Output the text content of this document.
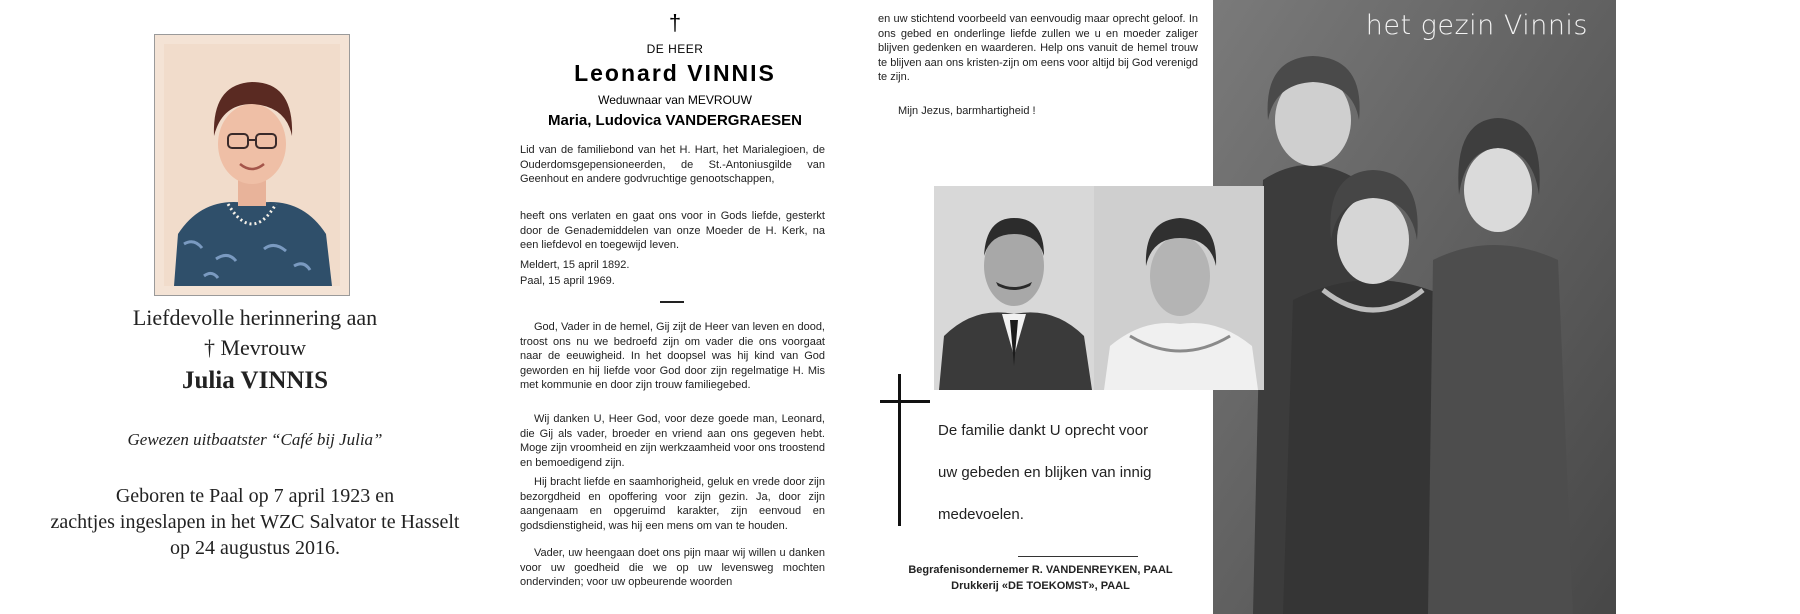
Liefdevolle herinnering aan
† Mevrouw
Julia VINNIS
Gewezen uitbaatster “Café bij Julia”
Geboren te Paal op 7 april 1923 en
zachtjes ingeslapen in het WZC Salvator te Hasselt
op 24 augustus 2016.
†
DE HEER
Leonard VINNIS
Weduwnaar van MEVROUW
Maria, Ludovica VANDERGRAESEN
Lid van de familiebond van het H. Hart, het Marialegioen, de Ouderdomsgepensioneerden, de St.-Antoniusgilde van Geenhout en andere godvruchtige genootschappen,
heeft ons verlaten en gaat ons voor in Gods liefde, gesterkt door de Genademiddelen van onze Moeder de H. Kerk, na een liefdevol en toegewijd leven.
Meldert, 15 april 1892.
Paal, 15 april 1969.
God, Vader in de hemel, Gij zijt de Heer van leven en dood, troost ons nu we bedroefd zijn om vader die ons voorgaat naar de eeuwigheid. In het doopsel was hij kind van God geworden en hij liefde voor God door zijn regelmatige H. Mis met kommunie en door zijn trouw familiegebed.
Wij danken U, Heer God, voor deze goede man, Leonard, die Gij als vader, broeder en vriend aan ons gegeven hebt. Moge zijn vroomheid en zijn werkzaamheid voor ons troostend en bemoedigend zijn.
Hij bracht liefde en saamhorigheid, geluk en vrede door zijn bezorgdheid en opoffering voor zijn gezin. Ja, door zijn aangenaam en opgeruimd karakter, zijn eenvoud en godsdienstigheid, was hij een mens om van te houden.
Vader, uw heengaan doet ons pijn maar wij willen u danken voor uw goedheid die we op uw levensweg mochten ondervinden; voor uw opbeurende woorden
en uw stichtend voorbeeld van eenvoudig maar oprecht geloof. In ons gebed en onderlinge liefde zullen we u en moeder zaliger blijven gedenken en waarderen. Help ons vanuit de hemel trouw te blijven aan ons kristen-zijn om eens voor altijd bij God verenigd te zijn.
Mijn Jezus, barmhartigheid !
De familie dankt U oprecht voor
uw gebeden en blijken van innig
medevoelen.
Begrafenisondernemer R. VANDENREYKEN, PAAL
Drukkerij «DE TOEKOMST», PAAL
het gezin Vinnis
